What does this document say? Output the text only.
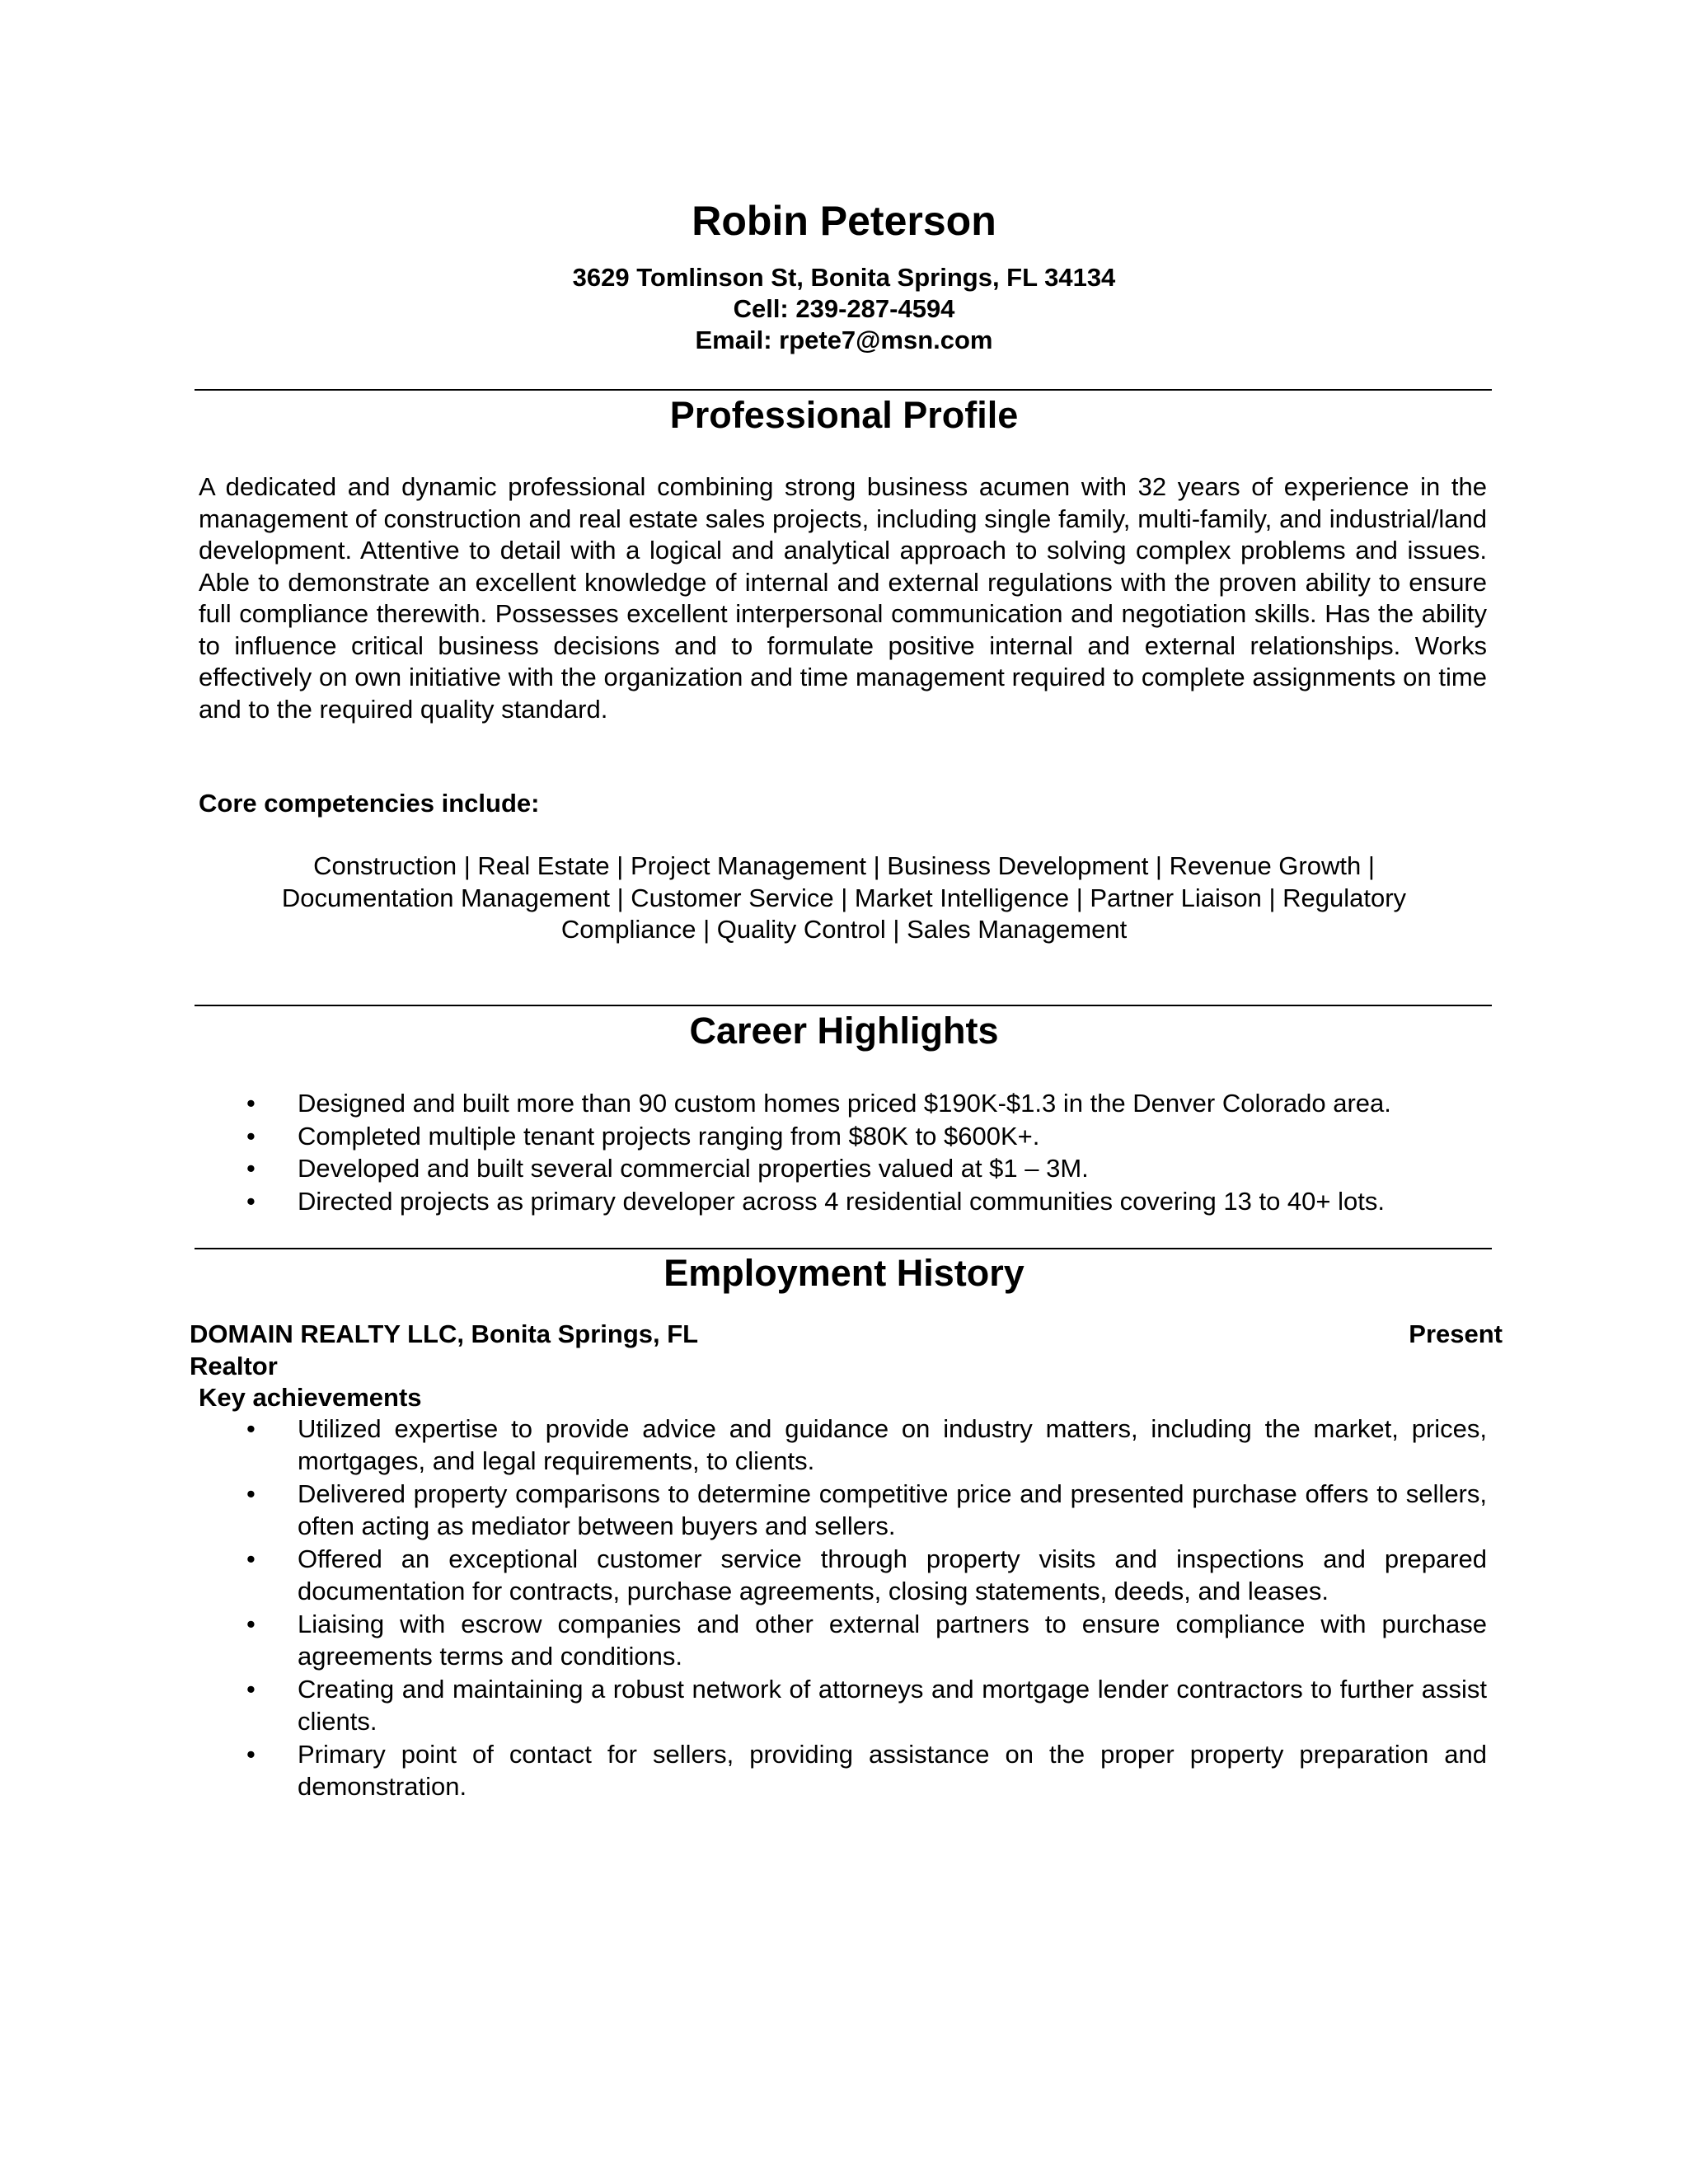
Robin Peterson
3629 Tomlinson St, Bonita Springs, FL 34134
Cell: 239-287-4594
Email: rpete7@msn.com
Professional Profile

A dedicated and dynamic professional combining strong business acumen with 32 years of experience in the management of construction and real estate sales projects, including single family, multi-family, and industrial/land development. Attentive to detail with a logical and analytical approach to solving complex problems and issues. Able to demonstrate an excellent knowledge of internal and external regulations with the proven ability to ensure full compliance therewith. Possesses excellent interpersonal communication and negotiation skills. Has the ability to influence critical business decisions and to formulate positive internal and external relationships. Works effectively on own initiative with the organization and time management required to complete assignments on time and to the required quality standard.

Core competencies include:

Construction | Real Estate | Project Management | Business Development | Revenue Growth | Documentation Management | Customer Service | Market Intelligence | Partner Liaison | Regulatory Compliance | Quality Control | Sales Management

Career Highlights
• Designed and built more than 90 custom homes priced $190K-$1.3 in the Denver Colorado area.
• Completed multiple tenant projects ranging from $80K to $600K+.
• Developed and built several commercial properties valued at $1 – 3M.
• Directed projects as primary developer across 4 residential communities covering 13 to 40+ lots.
Employment History
DOMAIN REALTY LLC, Bonita Springs, FL	Present
Realtor
Key achievements
• Utilized expertise to provide advice and guidance on industry matters, including the market, prices, mortgages, and legal requirements, to clients.
• Delivered property comparisons to determine competitive price and presented purchase offers to sellers, often acting as mediator between buyers and sellers.
• Offered an exceptional customer service through property visits and inspections and prepared documentation for contracts, purchase agreements, closing statements, deeds, and leases.
• Liaising with escrow companies and other external partners to ensure compliance with purchase agreements terms and conditions.
• Creating and maintaining a robust network of attorneys and mortgage lender contractors to further assist clients.
• Primary point of contact for sellers, providing assistance on the proper property preparation and demonstration.
